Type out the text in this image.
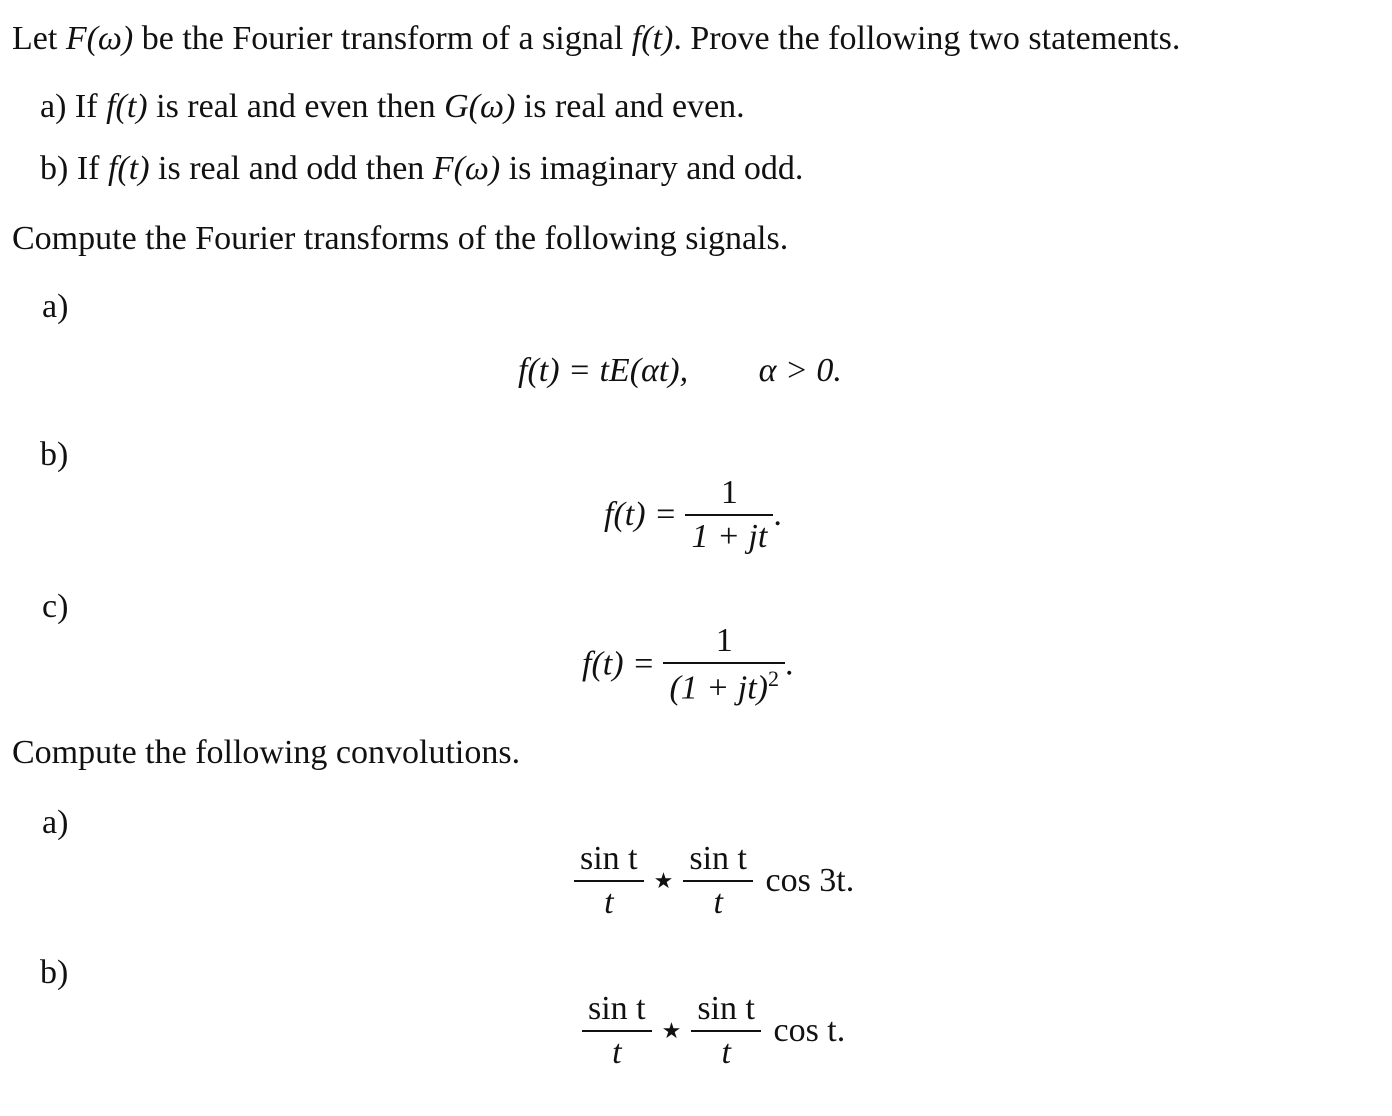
Let F(ω) be the Fourier transform of a signal f(t). Prove the following two statements.
a) If f(t) is real and even then G(ω) is real and even.
b) If f(t) is real and odd then F(ω) is imaginary and odd.
Compute the Fourier transforms of the following signals.
a)
f(t) = tE(αt), α > 0.
b)
$f(t) = \frac{1}{1 + jt}$ .
c)
$f(t) = \frac{1}{(1 + jt)^2}$ .
Compute the following convolutions.
a)
$\frac{\text{sin t}}{t}$ ★ $\frac{\text{sin t}}{t}$ cos 3t.
b)
$\frac{\text{sin t}}{t}$ ★ $\frac{\text{sin t}}{t}$ cos t.
